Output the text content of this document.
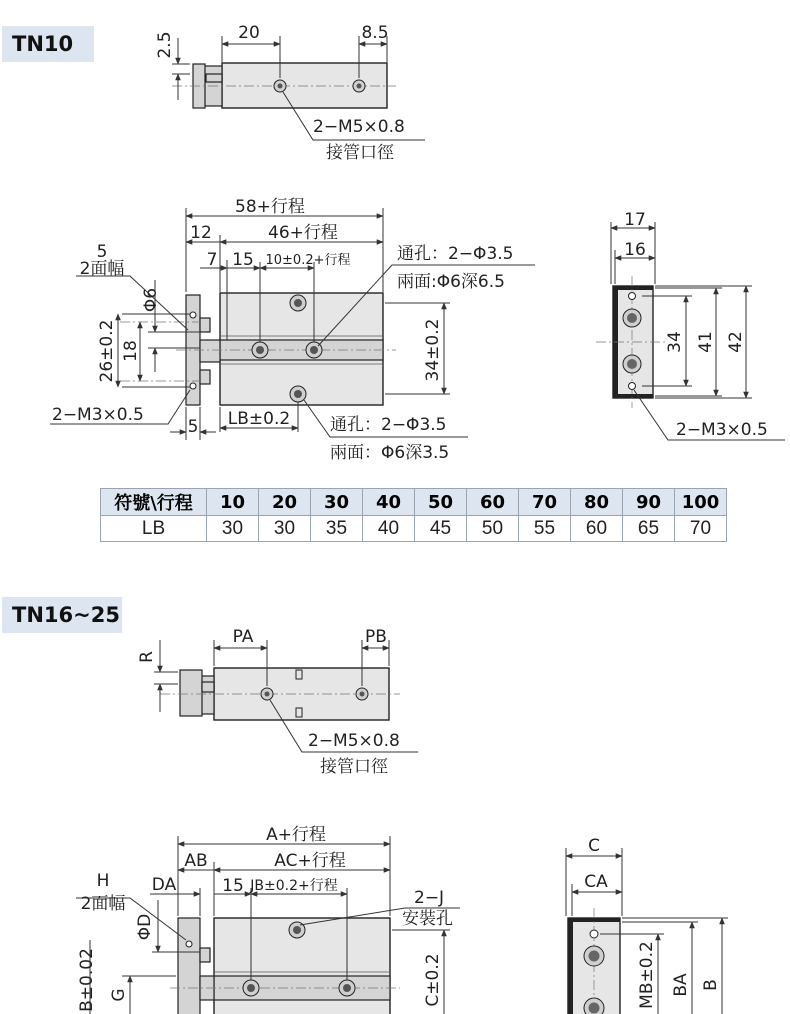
TN10
TN16~25
20	8.5
2.5
2−M5×0.8
接管口徑
58+行程
12	46+行程
7 15 10±0.2+行程
5
2面幅
Φ6
18
26±0.2	34±0.2
通孔：2−Φ3.5
兩面:Φ6深6.5
2−M3×0.5
5 LB±0.2 通孔：2−Φ3.5
兩面：Φ6深3.5
17
16
34 41 42
2−M3×0.5
PA	PB
R
2−M5×0.8
接管口徑
A+行程
AB	AC+行程
DA	15 JB±0.2+行程
H
2面幅	2−J
安裝孔
ΦD
G
B±0.02	C±0.2
C
CA
MB±0.2 BA B
符號\行程	10	20	30	40	50	60	70	80	90	100
LB	30	30	35	40	45	50	55	60	65	70
